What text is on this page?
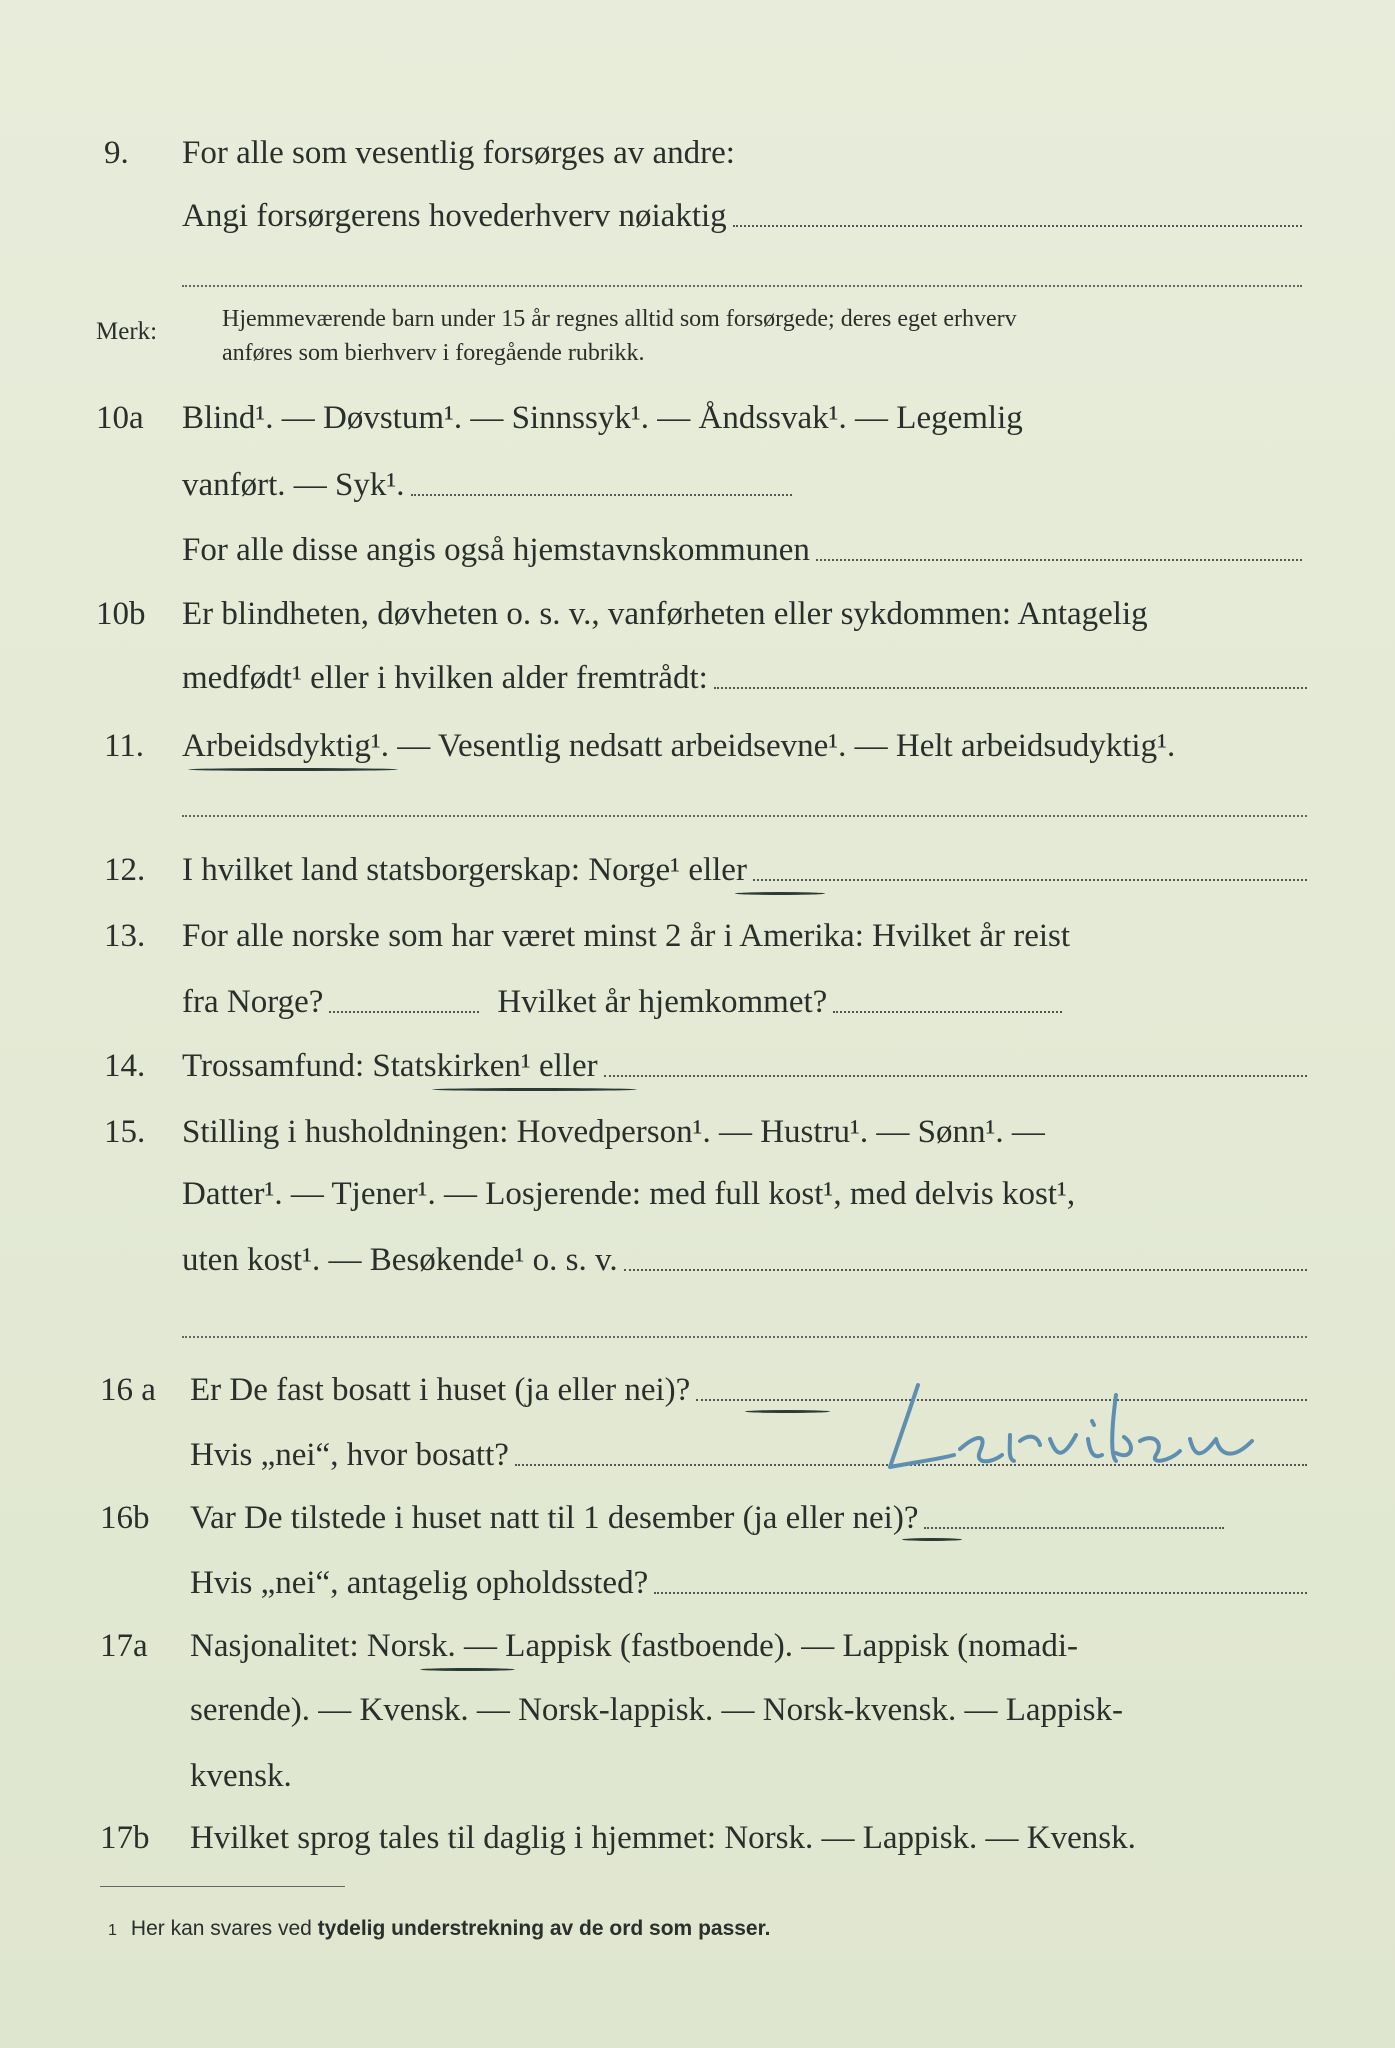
9. For alle som vesentlig forsørges av andre:
Angi forsørgerens hovederhverv nøiaktig
Merk:	Hjemmeværende barn under 15 år regnes alltid som forsørgede; deres eget erhverv
anføres som bierhverv i foregående rubrikk.
10a Blind¹. — Døvstum¹. — Sinnssyk¹. — Åndssvak¹. — Legemlig
vanført. — Syk¹.
For alle disse angis også hjemstavnskommunen
10b Er blindheten, døvheten o. s. v., vanførheten eller sykdommen: Antagelig
medfødt¹ eller i hvilken alder fremtrådt:
11. Arbeidsdyktig¹. — Vesentlig nedsatt arbeidsevne¹. — Helt arbeidsudyktig¹.
12. I hvilket land statsborgerskap: Norge¹ eller
13. For alle norske som har været minst 2 år i Amerika: Hvilket år reist
fra Norge?	Hvilket år hjemkommet?
14. Trossamfund: Statskirken¹ eller
15. Stilling i husholdningen: Hovedperson¹. — Hustru¹. — Sønn¹. —
Datter¹. — Tjener¹. — Losjerende: med full kost¹, med delvis kost¹,
uten kost¹. — Besøkende¹ o. s. v.
16 a Er De fast bosatt i huset (ja eller nei)?
Hvis „nei“, hvor bosatt?
16b Var De tilstede i huset natt til 1 desember (ja eller nei)?
Hvis „nei“, antagelig opholdssted?
17a Nasjonalitet: Norsk. — Lappisk (fastboende). — Lappisk (nomadi-
serende). — Kvensk. — Norsk-lappisk. — Norsk-kvensk. — Lappisk-
kvensk.
17b Hvilket sprog tales til daglig i hjemmet: Norsk. — Lappisk. — Kvensk.
1 Her kan svares ved tydelig understrekning av de ord som passer.
